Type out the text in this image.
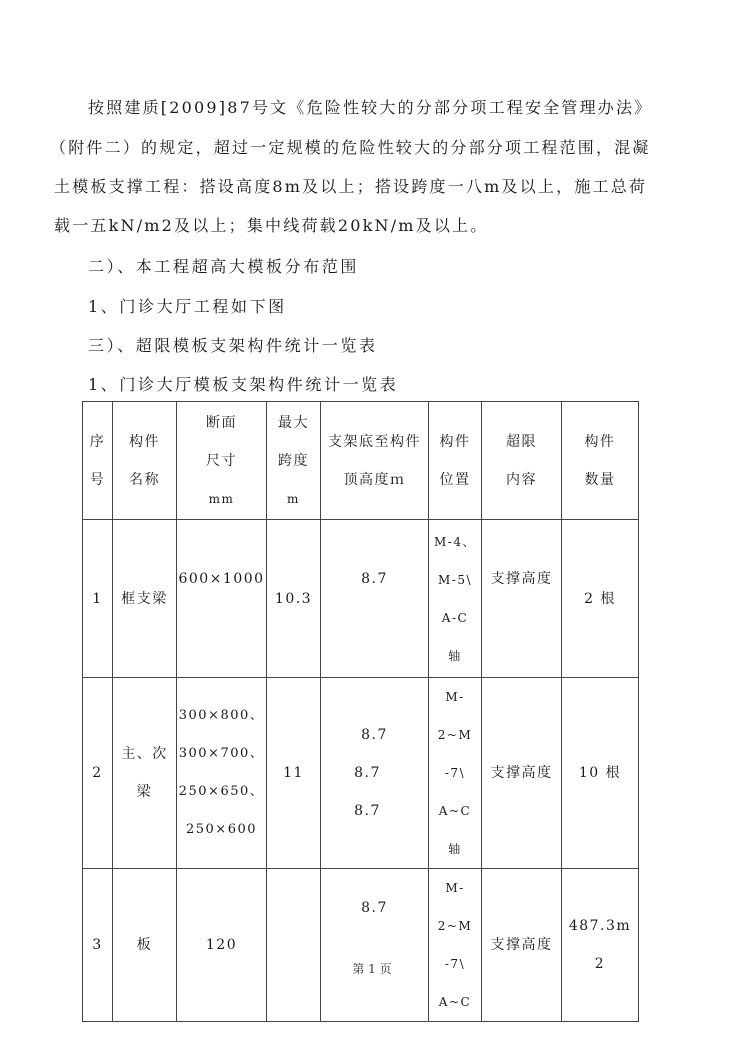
按照建质[2009]87号文《危险性较大的分部分项工程安全管理办法》
（附件二）的规定，超过一定规模的危险性较大的分部分项工程范围，混凝
土模板支撑工程：搭设高度8m及以上；搭设跨度一八m及以上，施工总荷
载一五kN/m2及以上；集中线荷载20kN/m及以上。
二）、本工程超高大模板分布范围
1、门诊大厅工程如下图
三）、超限模板支架构件统计一览表
1、门诊大厅模板支架构件统计一览表
序
号	构件
名称	断面
尺寸
mm	最大
跨度
m	支架底至构件
顶高度ｍ	构件
位置	超限
内容	构件
数量

1	框支梁	600×1000	10.3	8.7	M-4、
M-5\
A-C
轴	支撑高度	2 根

2	主、次
梁	300×800、
300×700、
250×650、
250×600	11	8.7
8.7
8.7	M-2~M
-7\
A~C
轴	支撑高度	10 根

3	板	120		8.7	M-2~M
-7\
A~C	支撑高度	487.3m
2
第 1 页
